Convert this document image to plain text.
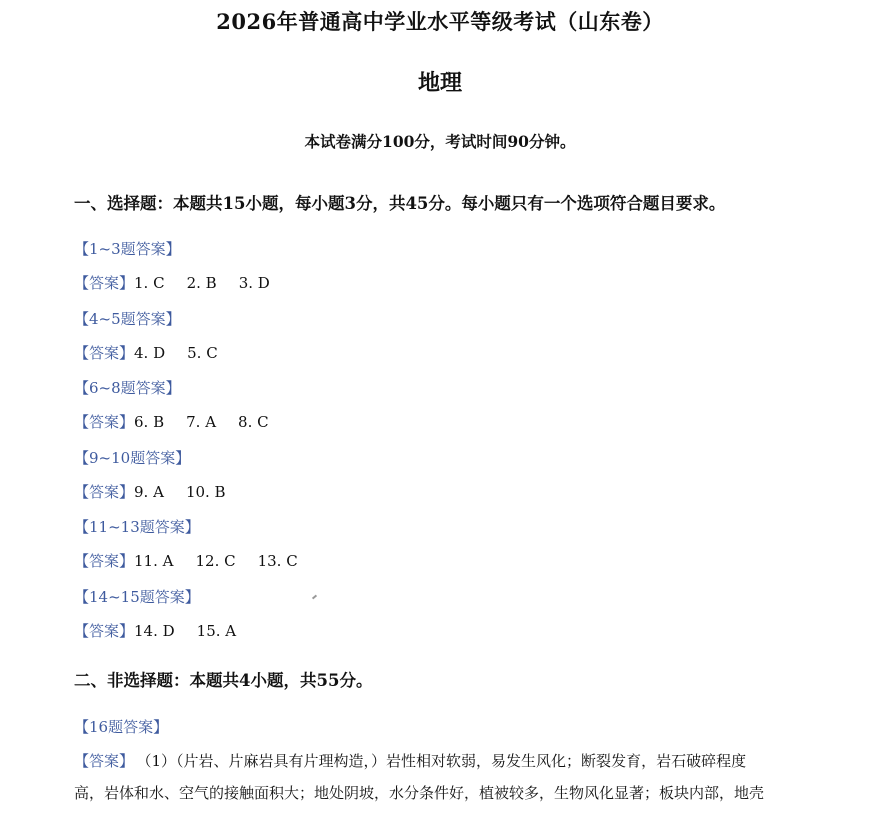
2026年普通高中学业水平等级考试（山东卷）
地理
本试卷满分100分，考试时间90分钟。
一、选择题：本题共15小题，每小题3分，共45分。每小题只有一个选项符合题目要求。
【1~3题答案】
【答案】1. C 2. B 3. D
【4~5题答案】
【答案】4. D 5. C
【6~8题答案】
【答案】6. B 7. A 8. C
【9~10题答案】
【答案】9. A 10. B
【11~13题答案】
【答案】11. A 12. C 13. C
【14~15题答案】
【答案】14. D 15. A
二、非选择题：本题共4小题，共55分。
【16题答案】
【答案】 （1）（片岩、片麻岩具有片理构造，）岩性相对软弱，易发生风化；断裂发育，岩石破碎程度
高，岩体和水、空气的接触面积大；地处阴坡，水分条件好，植被较多，生物风化显著；板块内部，地壳
